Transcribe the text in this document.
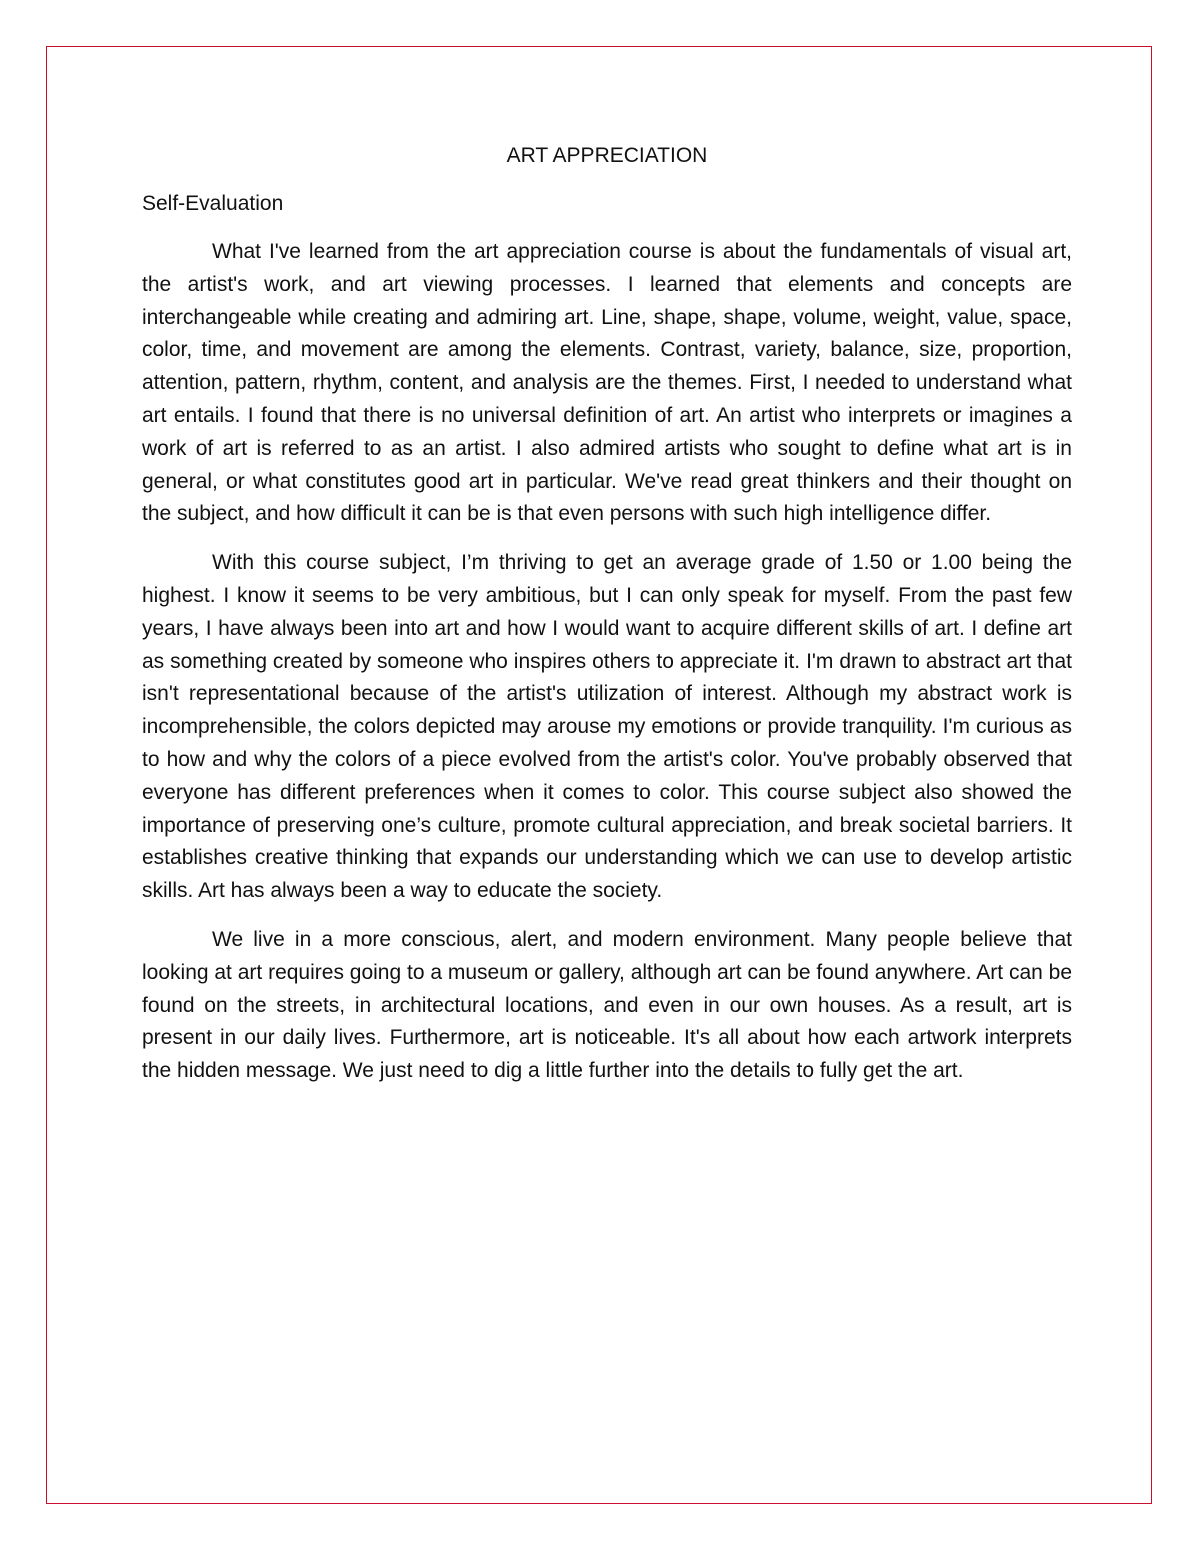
ART APPRECIATION
Self-Evaluation

What I've learned from the art appreciation course is about the fundamentals of visual art, the artist's work, and art viewing processes. I learned that elements and concepts are interchangeable while creating and admiring art. Line, shape, shape, volume, weight, value, space, color, time, and movement are among the elements. Contrast, variety, balance, size, proportion, attention, pattern, rhythm, content, and analysis are the themes. First, I needed to understand what art entails. I found that there is no universal definition of art. An artist who interprets or imagines a work of art is referred to as an artist. I also admired artists who sought to define what art is in general, or what constitutes good art in particular. We've read great thinkers and their thought on the subject, and how difficult it can be is that even persons with such high intelligence differ.

With this course subject, I’m thriving to get an average grade of 1.50 or 1.00 being the highest. I know it seems to be very ambitious, but I can only speak for myself. From the past few years, I have always been into art and how I would want to acquire different skills of art. I define art as something created by someone who inspires others to appreciate it. I'm drawn to abstract art that isn't representational because of the artist's utilization of interest. Although my abstract work is incomprehensible, the colors depicted may arouse my emotions or provide tranquility. I'm curious as to how and why the colors of a piece evolved from the artist's color. You've probably observed that everyone has different preferences when it comes to color. This course subject also showed the importance of preserving one’s culture, promote cultural appreciation, and break societal barriers. It establishes creative thinking that expands our understanding which we can use to develop artistic skills. Art has always been a way to educate the society.

We live in a more conscious, alert, and modern environment. Many people believe that looking at art requires going to a museum or gallery, although art can be found anywhere. Art can be found on the streets, in architectural locations, and even in our own houses. As a result, art is present in our daily lives. Furthermore, art is noticeable. It's all about how each artwork interprets the hidden message. We just need to dig a little further into the details to fully get the art.
